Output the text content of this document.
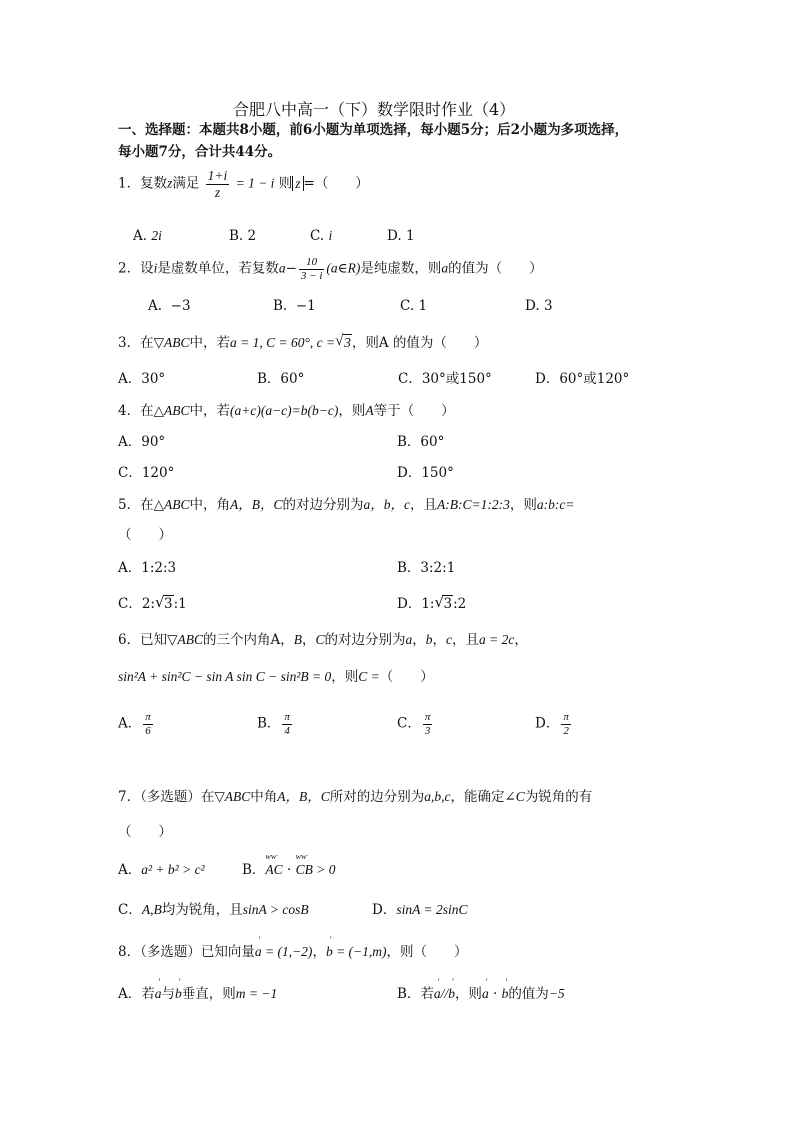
合肥八中高一（下）数学限时作业（4）
一、选择题：本题共8小题，前6小题为单项选择，每小题5分；后2小题为多项选择，
每小题7分，合计共44分。
1．复数z满足 $\frac{1+i}{z} = 1 - i$ 则 z =（　　）
A. 2i	B. 2	C. i	D. 1
2．设i是虚数单位，若复数$a- \frac{10}{3 - i}$ (a∈R)是纯虚数，则a的值为（　　）
A. −3	B. −1	C. 1	D. 3
3．在▽ABC中，若a = 1, C = 60°, c = √ 3，则A 的值为（　　）
A．30°	B．60°	C．30°或150°	D．60°或120°
4．在△ABC中，若(a+c)(a−c)=b(b−c)，则A等于（　　）
A．90°	B．60°
C．120°	D．150°
5．在△ABC中，角A，B，C的对边分别为a，b，c，且A:B:C=1:2:3，则a:b:c=
（　　）
A．1:2:3	B．3:2:1
C．2: √ 3:1	D．1: √ 3:2
6．已知▽ABC的三个内角A，B，C的对边分别为a，b，c，且a = 2c，
sin²A + sin²C − sin A sin C − sin²B = 0，则C =（　　）
A． $\frac{\pi}{6}$	B． $\frac{\pi}{4}$	C． $\frac{\pi}{3}$	D． $\frac{\pi}{2}$
7．（多选题）在▽ABC中角A，B，C所对的边分别为a,b,c，能确定∠C为锐角的有
（　　）
A．a² + b² > c²	B．ⱳⱳ AC · ⱳⱳ CB > 0
C．A,B均为锐角，且sinA > cosB	D．sinA = 2sinC
8．（多选题）已知向量' a = (1,−2)，' b = (−1,m)，则（　　）
A．若' a与' b垂直，则m = −1	B．若' a//' b，则' a · ' b的值为−5
